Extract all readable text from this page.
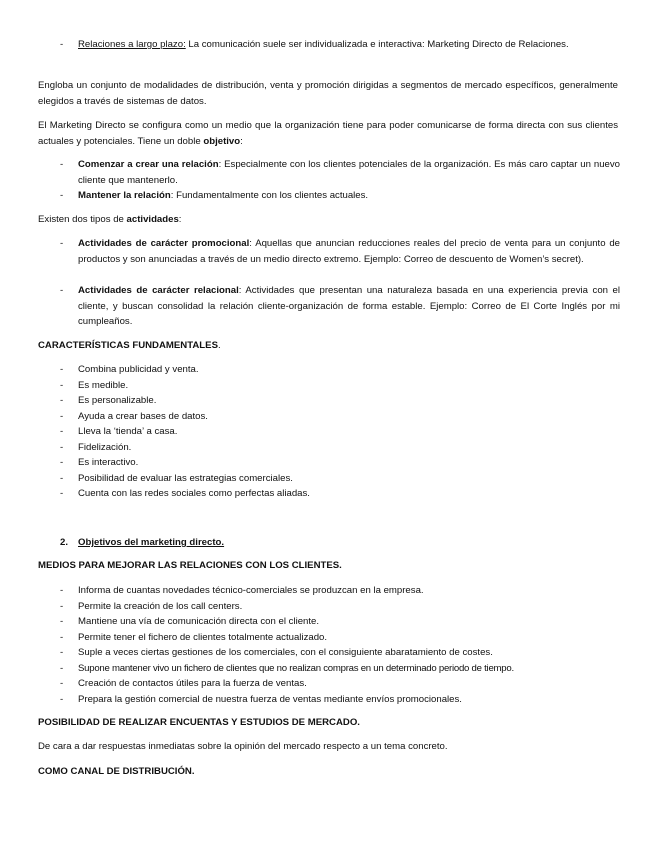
-	Relaciones a largo plazo: La comunicación suele ser individualizada e interactiva: Marketing Directo de Relaciones.

Engloba un conjunto de modalidades de distribución, venta y promoción dirigidas a segmentos de mercado específicos, generalmente elegidos a través de sistemas de datos.

El Marketing Directo se configura como un medio que la organización tiene para poder comunicarse de forma directa con sus clientes actuales y potenciales. Tiene un doble objetivo:

-	Comenzar a crear una relación: Especialmente con los clientes potenciales de la organización. Es más caro captar un nuevo cliente que mantenerlo.
-	Mantener la relación: Fundamentalmente con los clientes actuales.

Existen dos tipos de actividades:

-	Actividades de carácter promocional: Aquellas que anuncian reducciones reales del precio de venta para un conjunto de productos y son anunciadas a través de un medio directo extremo. Ejemplo: Correo de descuento de Women’s secret).
-	Actividades de carácter relacional: Actividades que presentan una naturaleza basada en una experiencia previa con el cliente, y buscan consolidad la relación cliente-organización de forma estable. Ejemplo: Correo de El Corte Inglés por mi cumpleaños.

CARACTERÍSTICAS FUNDAMENTALES.

-	Combina publicidad y venta.
-	Es medible.
-	Es personalizable.
-	Ayuda a crear bases de datos.
-	Lleva la ‘tienda’ a casa.
-	Fidelización.
-	Es interactivo.
-	Posibilidad de evaluar las estrategias comerciales.
-	Cuenta con las redes sociales como perfectas aliadas.

2. Objetivos del marketing directo.

MEDIOS PARA MEJORAR LAS RELACIONES CON LOS CLIENTES.

-	Informa de cuantas novedades técnico-comerciales se produzcan en la empresa.
-	Permite la creación de los call centers.
-	Mantiene una vía de comunicación directa con el cliente.
-	Permite tener el fichero de clientes totalmente actualizado.
-	Suple a veces ciertas gestiones de los comerciales, con el consiguiente abaratamiento de costes.
-	Supone mantener vivo un fichero de clientes que no realizan compras en un determinado periodo de tiempo.
-	Creación de contactos útiles para la fuerza de ventas.
-	Prepara la gestión comercial de nuestra fuerza de ventas mediante envíos promocionales.

POSIBILIDAD DE REALIZAR ENCUENTAS Y ESTUDIOS DE MERCADO.

De cara a dar respuestas inmediatas sobre la opinión del mercado respecto a un tema concreto.

COMO CANAL DE DISTRIBUCIÓN.
